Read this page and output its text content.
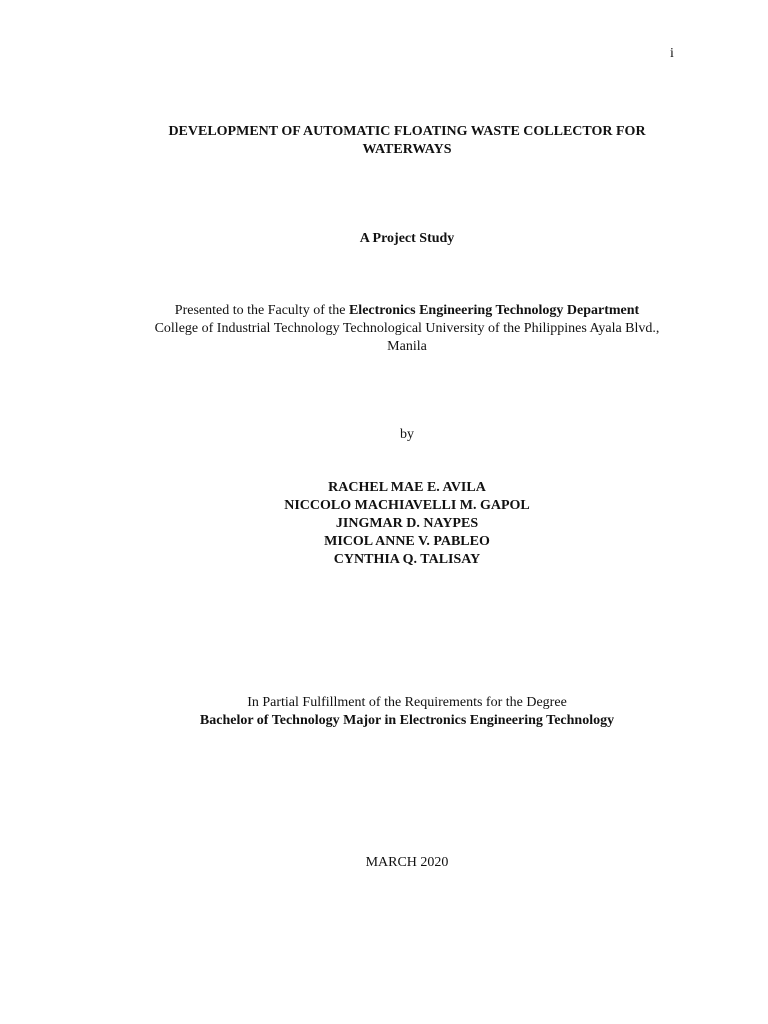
i
DEVELOPMENT OF AUTOMATIC FLOATING WASTE COLLECTOR FOR WATERWAYS
A Project Study
Presented to the Faculty of the Electronics Engineering Technology Department
College of Industrial Technology Technological University of the Philippines Ayala Blvd., Manila
by
RACHEL MAE E. AVILA
NICCOLO MACHIAVELLI M. GAPOL
JINGMAR D. NAYPES
MICOL ANNE V. PABLEO
CYNTHIA Q. TALISAY
In Partial Fulfillment of the Requirements for the Degree
Bachelor of Technology Major in Electronics Engineering Technology
MARCH 2020
